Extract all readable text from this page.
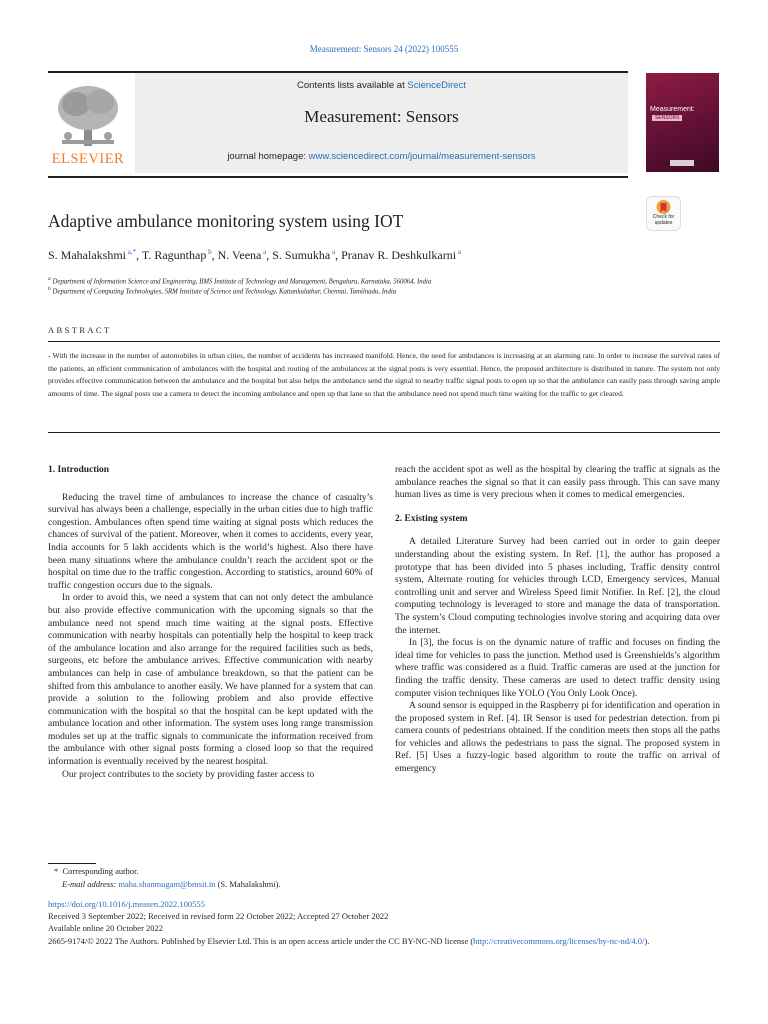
Measurement: Sensors 24 (2022) 100555
ELSEVIER
Contents lists available at ScienceDirect
Measurement: Sensors
journal homepage: www.sciencedirect.com/journal/measurement-sensors
Measurement:
SENSORS
Adaptive ambulance monitoring system using IOT	Check for updates
S. Mahalakshmi $^{a,*}$, T. Ragunthaр $^b$, N. Veena $^a$, S. Sumukha $^a$, Pranav R. Deshkulkarni $^a$
$^a$ Department of Information Science and Engineering, BMS Institute of Technology and Management, Bengaluru, Karnataka, 560064, India
$^b$ Department of Computing Technologies, SRM Institute of Science and Technology, Kattankulathur, Chennai, Tamilnadu, India
ABSTRACT
- With the increase in the number of automobiles in urban cities, the number of accidents has increased manifold. Hence, the need for ambulances is increasing at an alarming rate. In order to increase the survival rates of the patients, an efficient communication of ambulances with the hospital and routing of the ambulances at the signal posts is very essential. Hence, the proposed architecture is distributed in nature. The system not only provides effective communication between the ambulance and the hospital but also helps the ambulance send the signal to nearby traffic signal posts to open up so that the ambulance can easily pass through saving ample amounts of time. The signal posts use a camera to detect the incoming ambulance and open up that lane so that the ambulance need not spend much time waiting for the traffic to get cleared.
1. Introduction

Reducing the travel time of ambulances to increase the chance of casualty’s survival has always been a challenge, especially in the urban cities due to high traffic congestion. Ambulances often spend time waiting at signal posts which reduces the chances of survival of the patient. Moreover, when it comes to accidents, every year, India accounts for 5 lakh accidents which is the world’s highest. Also there have been many situations where the ambulance couldn’t reach the accident spot or the hospital on time due to the traffic congestion. According to statistics, around 60% of traffic congestion occurs due to the signals.

In order to avoid this, we need a system that can not only detect the ambulance but also provide effective communication with the upcoming signals so that the ambulance need not spend much time waiting at the signal posts. Effective communication with nearby hospitals can potentially help the hospital to keep track of the ambulance location and also arrange for the required facilities such as beds, surgeons, etc before the ambulance arrives. Effective communication with nearby ambulances can help in case of ambulance breakdown, so that the patient can be shifted from this ambulance to another easily. We have planned for a system that can provide a solution to the following problem and also provide effective communication with the hospital so that the hospital can be kept updated with the ambulance location and other information. The system uses long range transmission modules set up at the traffic signals to communicate the information received from the ambulance with other signal posts forming a closed loop so that the required information is eventually received by the nearest hospital.

Our project contributes to the society by providing faster access to

reach the accident spot as well as the hospital by clearing the traffic at signals as the ambulance reaches the signal so that it can easily pass through. This can save many human lives as time is very precious when it comes to medical emergencies.

2. Existing system

A detailed Literature Survey had been carried out in order to gain deeper understanding about the existing system. In Ref. [1], the author has proposed a prototype that has been divided into 5 phases including, Traffic density control system, Alternate routing for vehicles through LCD, Emergency services, Manual controlling unit and server and Wireless Speed limit Notifier. In Ref. [2], the cloud computing technology is leveraged to store and manage the data of transportation. The system’s Cloud computing technologies involve storing and acquiring data over the internet.

In [3], the focus is on the dynamic nature of traffic and focuses on finding the ideal time for vehicles to pass the junction. Method used is Greenshields’s algorithm where traffic was considered as a fluid. Traffic cameras are used at the junction for finding the traffic density. These cameras are used to detect traffic density using computer vision techniques like YOLO (You Only Look Once).

A sound sensor is equipped in the Raspberry pi for identification and operation in the proposed system in Ref. [4]. IR Sensor is used for pedestrian detection. from pi camera counts of pedestrians obtained. If the condition meets then stops all the paths for vehicles and allows the pedestrians to pass the signal. The proposed system in Ref. [5] Uses a fuzzy-logic based algorithm to route the traffic on arrival of emergency

* Corresponding author.
E-mail address: maha.shanmugam@bmsit.in (S. Mahalakshmi).
https://doi.org/10.1016/j.measen.2022.100555
Received 3 September 2022; Received in revised form 22 October 2022; Accepted 27 October 2022
Available online 20 October 2022
2665-9174/© 2022 The Authors. Published by Elsevier Ltd. This is an open access article under the CC BY-NC-ND license (http://creativecommons.org/licenses/by-nc-nd/4.0/).
